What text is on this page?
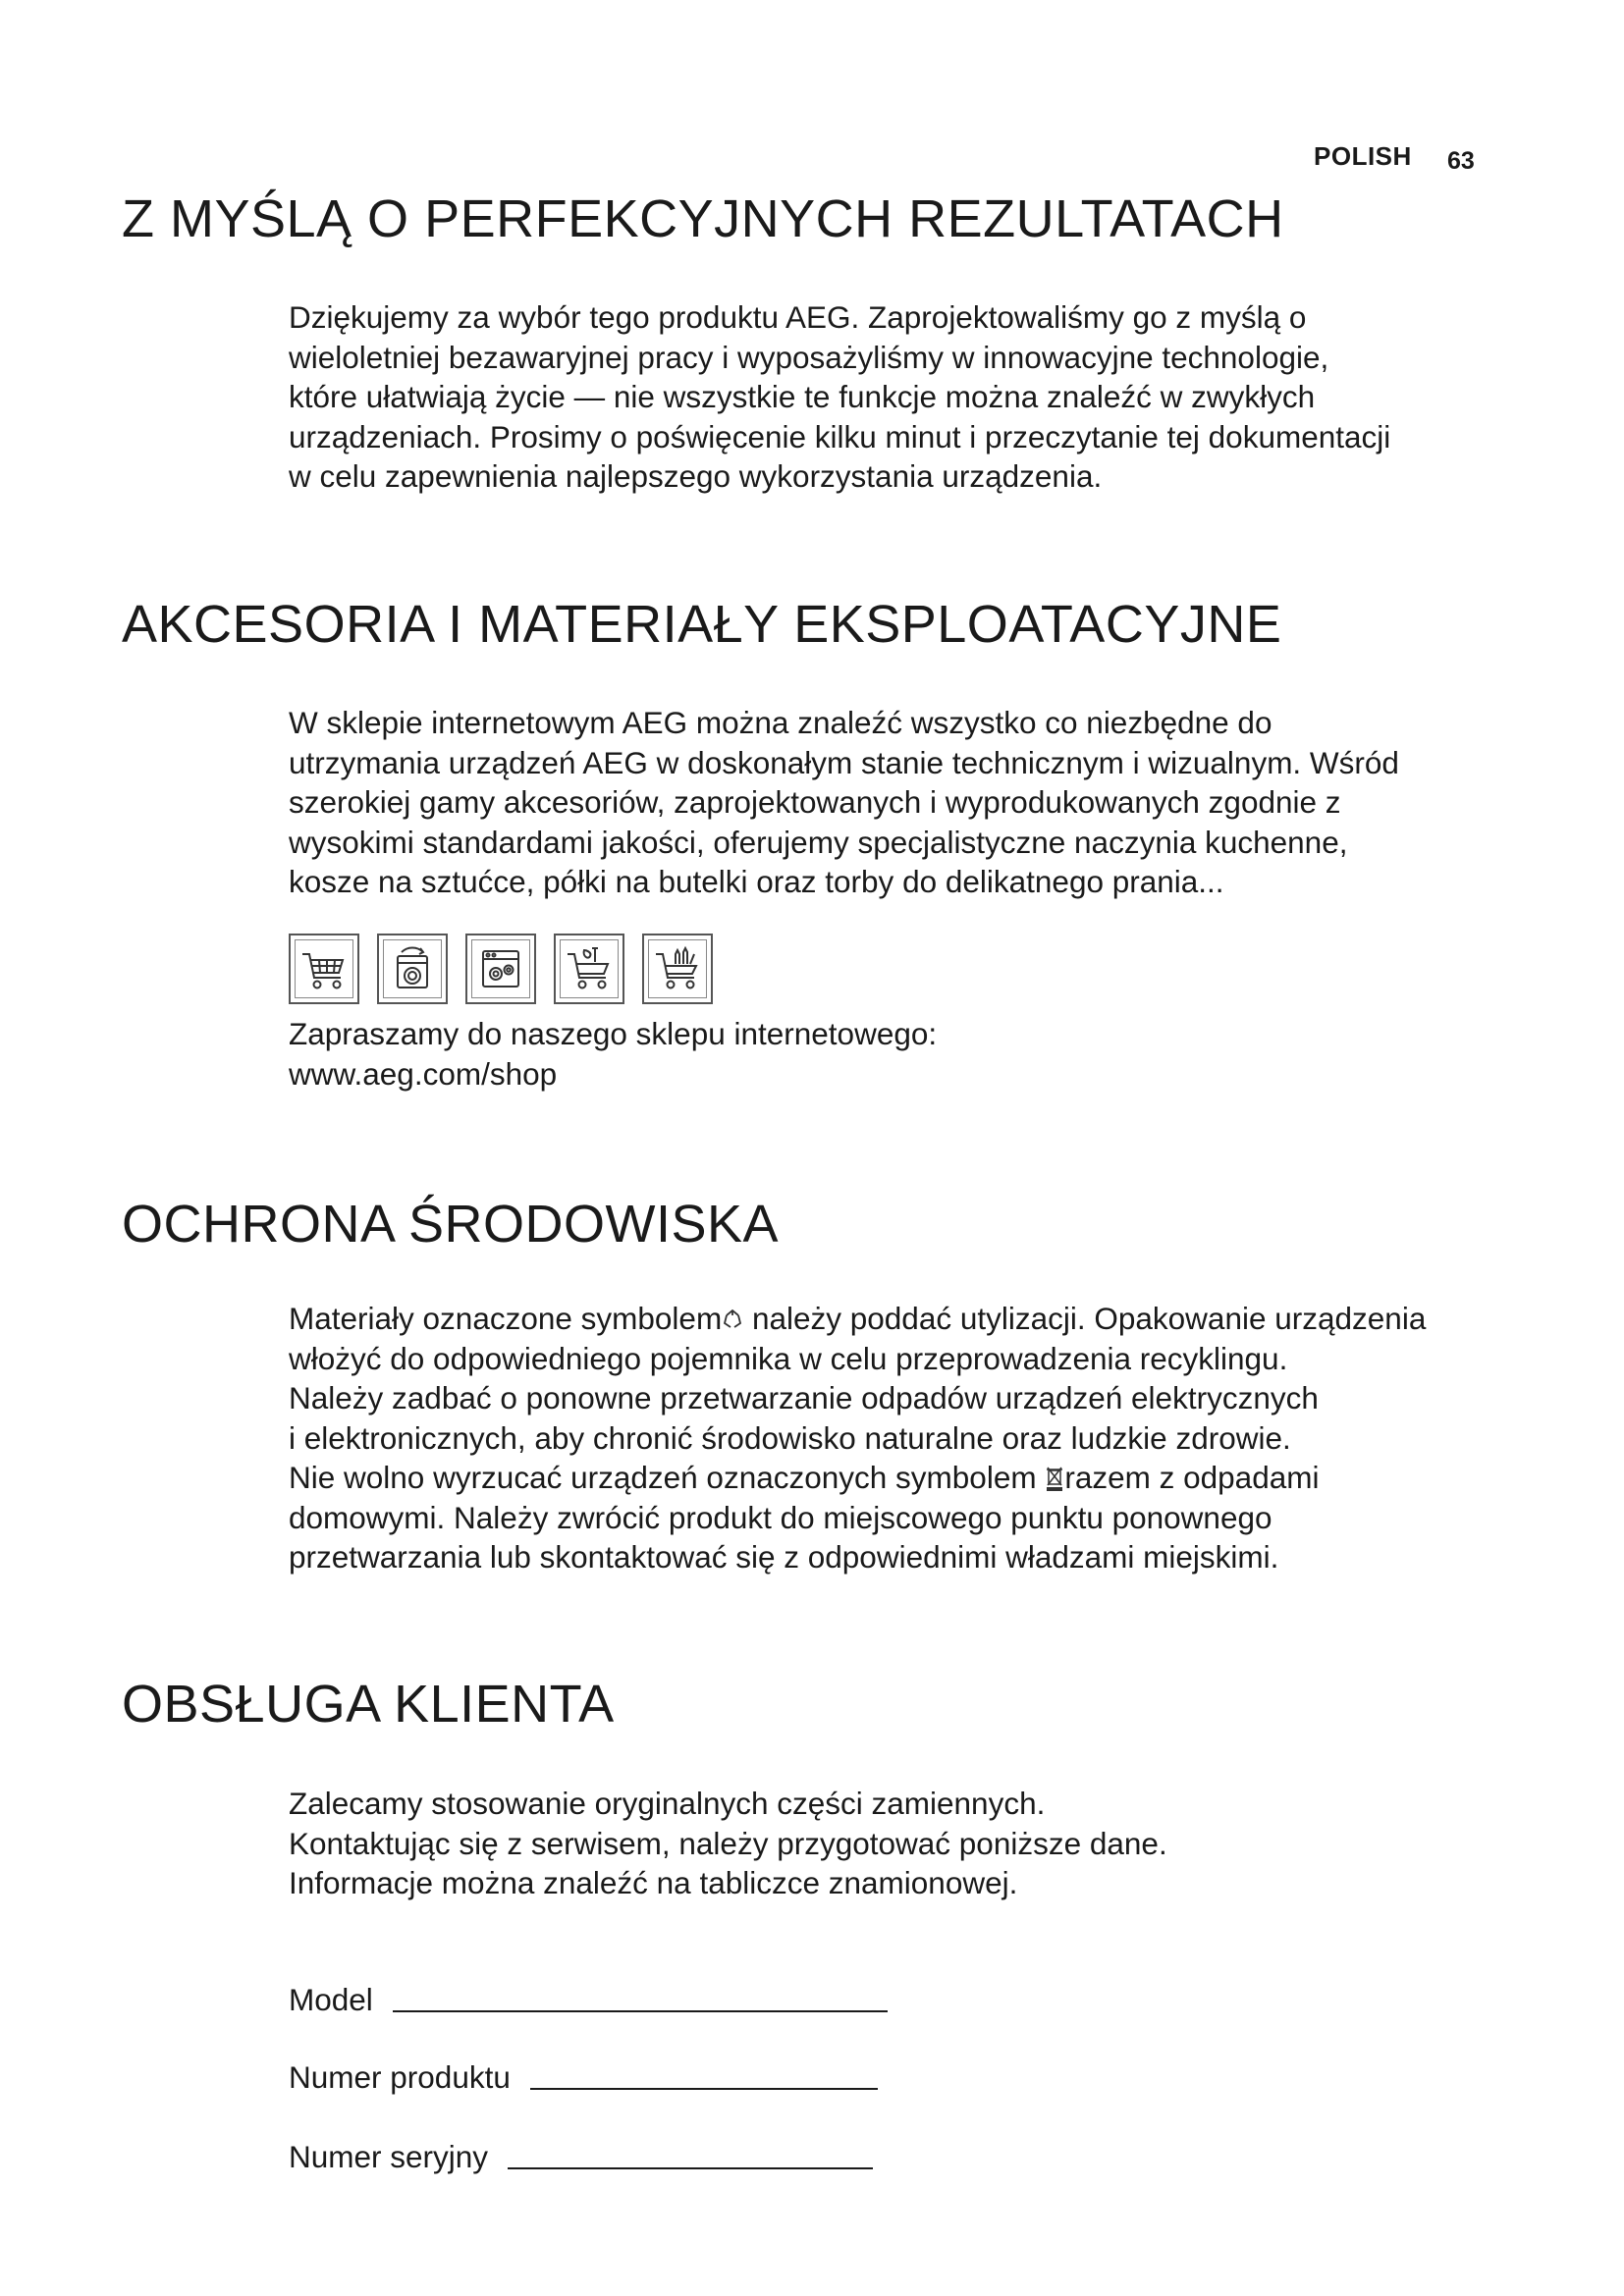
POLISH 63
Z MYŚLĄ O PERFEKCYJNYCH REZULTATACH

Dziękujemy za wybór tego produktu AEG. Zaprojektowaliśmy go z myślą o
wieloletniej bezawaryjnej pracy i wyposażyliśmy w innowacyjne technologie,
które ułatwiają życie — nie wszystkie te funkcje można znaleźć w zwykłych
urządzeniach. Prosimy o poświęcenie kilku minut i przeczytanie tej dokumentacji
w celu zapewnienia najlepszego wykorzystania urządzenia.

AKCESORIA I MATERIAŁY EKSPLOATACYJNE

W sklepie internetowym AEG można znaleźć wszystko co niezbędne do
utrzymania urządzeń AEG w doskonałym stanie technicznym i wizualnym. Wśród
szerokiej gamy akcesoriów, zaprojektowanych i wyprodukowanych zgodnie z
wysokimi standardami jakości, oferujemy specjalistyczne naczynia kuchenne,
kosze na sztućce, półki na butelki oraz torby do delikatnego prania...

Zapraszamy do naszego sklepu internetowego:
www.aeg.com/shop

OCHRONA ŚRODOWISKA

Materiały oznaczone symbolem należy poddać utylizacji. Opakowanie urządzenia
włożyć do odpowiedniego pojemnika w celu przeprowadzenia recyklingu.
Należy zadbać o ponowne przetwarzanie odpadów urządzeń elektrycznych
i elektronicznych, aby chronić środowisko naturalne oraz ludzkie zdrowie.
Nie wolno wyrzucać urządzeń oznaczonych symbolem razem z odpadami
domowymi. Należy zwrócić produkt do miejscowego punktu ponownego
przetwarzania lub skontaktować się z odpowiednimi władzami miejskimi.

OBSŁUGA KLIENTA

Zalecamy stosowanie oryginalnych części zamiennych.
Kontaktując się z serwisem, należy przygotować poniższe dane.
Informacje można znaleźć na tabliczce znamionowej.

Model
Numer produktu
Numer seryjny
